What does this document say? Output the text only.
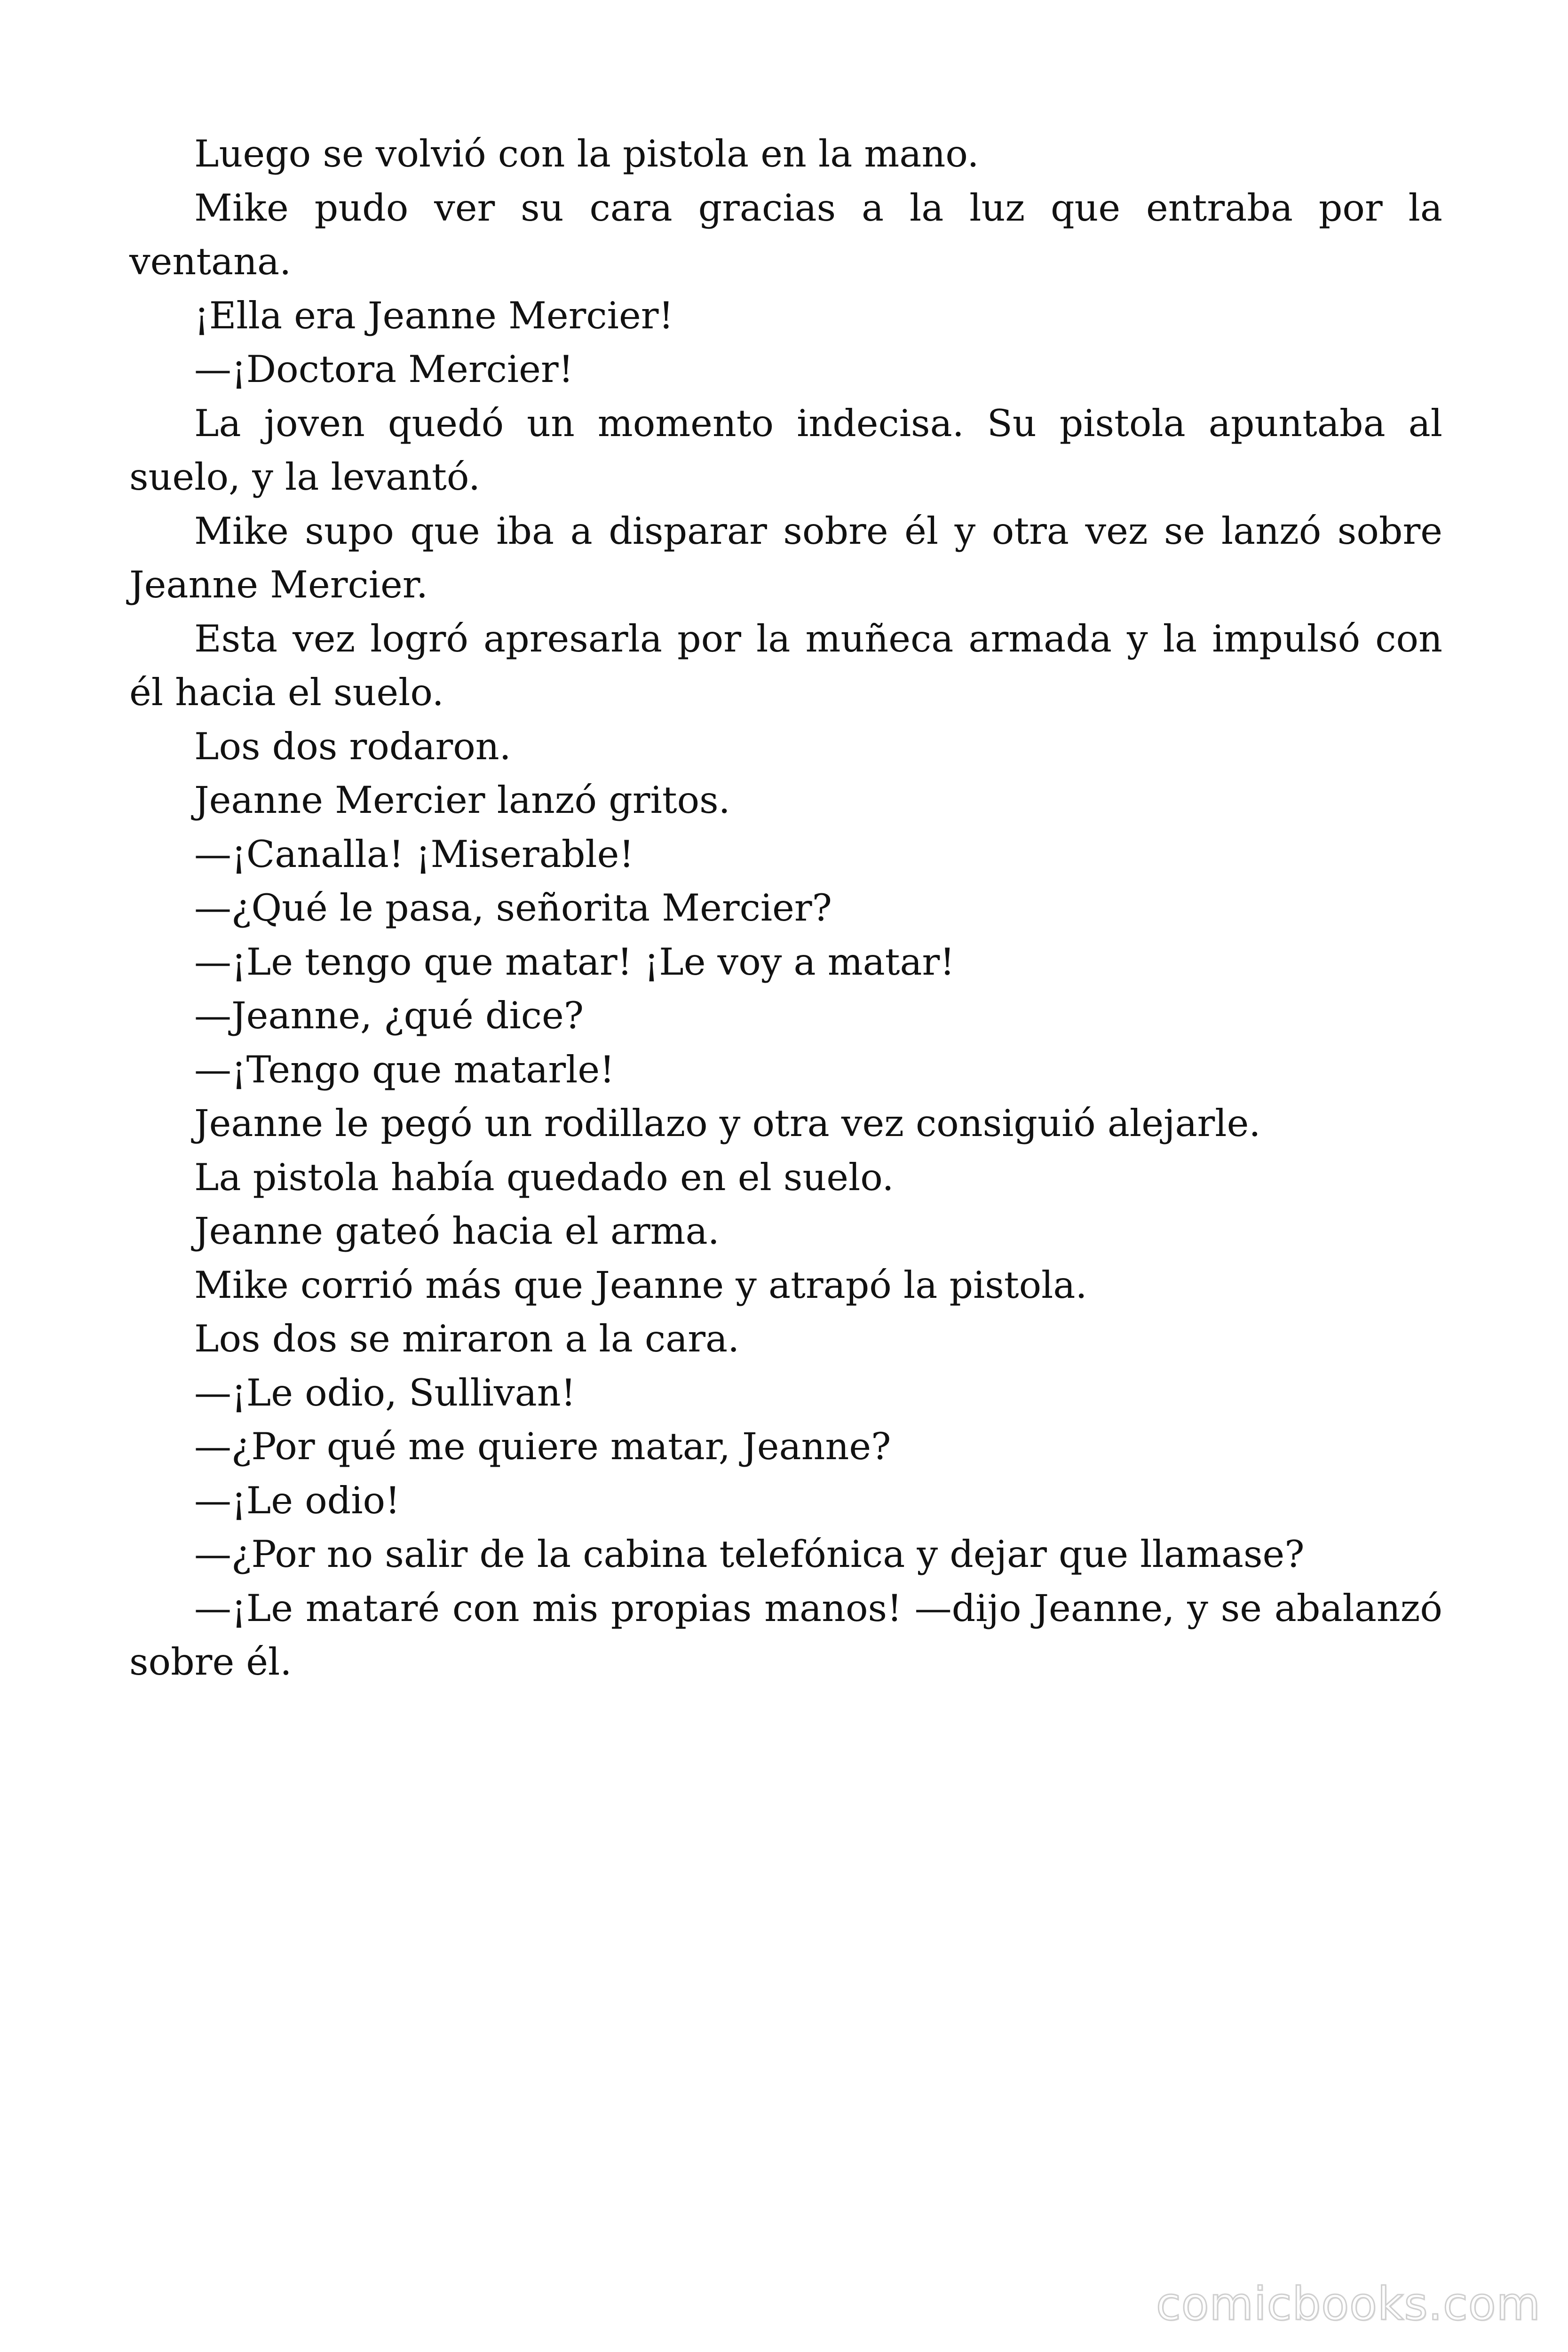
Luego se volvió con la pistola en la mano.

Mike pudo ver su cara gracias a la luz que entraba por la ventana.

¡Ella era Jeanne Mercier!

—¡Doctora Mercier!

La joven quedó un momento indecisa. Su pistola apuntaba al suelo, y la levantó.

Mike supo que iba a disparar sobre él y otra vez se lanzó sobre Jeanne Mercier.

Esta vez logró apresarla por la muñeca armada y la impulsó con él hacia el suelo.

Los dos rodaron.

Jeanne Mercier lanzó gritos.

—¡Canalla! ¡Miserable!

—¿Qué le pasa, señorita Mercier?

—¡Le tengo que matar! ¡Le voy a matar!

—Jeanne, ¿qué dice?

—¡Tengo que matarle!

Jeanne le pegó un rodillazo y otra vez consiguió alejarle.

La pistola había quedado en el suelo.

Jeanne gateó hacia el arma.

Mike corrió más que Jeanne y atrapó la pistola.

Los dos se miraron a la cara.

—¡Le odio, Sullivan!

—¿Por qué me quiere matar, Jeanne?

—¡Le odio!

—¿Por no salir de la cabina telefónica y dejar que llamase?

—¡Le mataré con mis propias manos! —dijo Jeanne, y se abalanzó sobre él.

comicbooks.com
